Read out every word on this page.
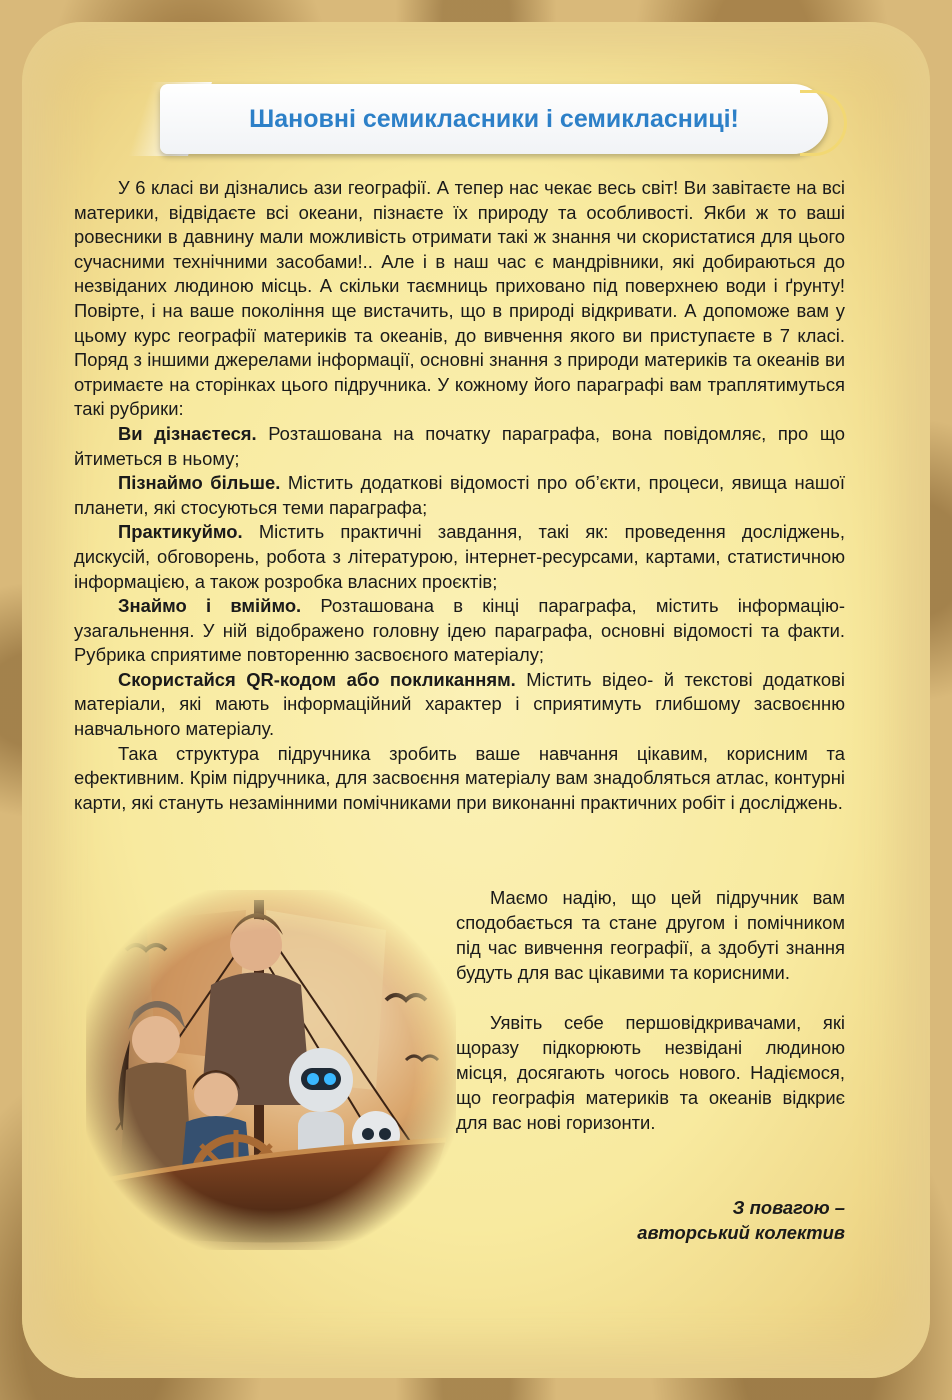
Шановні семикласники і семикласниці!

У 6 класі ви дізнались ази географії. А тепер нас чекає весь світ! Ви завітаєте на всі материки, відвідаєте всі океани, пізнаєте їх природу та особливості. Якби ж то ваші ровесники в давнину мали можливість отримати такі ж знання чи скористатися для цього сучасними технічними засобами!.. Але і в наш час є мандрівники, які добираються до незвіданих людиною місць. А скільки таємниць приховано під поверхнею води і ґрунту! Повірте, і на ваше покоління ще вистачить, що в природі відкривати. А допоможе вам у цьому курс географії материків та океанів, до вивчення якого ви приступаєте в 7 класі. Поряд з іншими джерелами інформації, основні знання з природи материків та океанів ви отримаєте на сторінках цього підручника. У кожному його параграфі вам траплятимуться такі рубрики:

Ви дізнаєтеся. Розташована на початку параграфа, вона повідомляє, про що йтиметься в ньому;

Пізнаймо більше. Містить додаткові відомості про об’єкти, процеси, явища нашої планети, які стосуються теми параграфа;

Практикуймо. Містить практичні завдання, такі як: проведення досліджень, дискусій, обговорень, робота з літературою, інтернет-ресурсами, картами, статистичною інформацією, а також розробка власних проєктів;

Знаймо і вміймо. Розташована в кінці параграфа, містить інформацію-узагальнення. У ній відображено головну ідею параграфа, основні відомості та факти. Рубрика сприятиме повторенню засвоєного матеріалу;

Скористайся QR-кодом або покликанням. Містить відео- й текстові додаткові матеріали, які мають інформаційний характер і сприятимуть глибшому засвоєнню навчального матеріалу.

Така структура підручника зробить ваше навчання цікавим, корисним та ефективним. Крім підручника, для засвоєння матеріалу вам знадобляться атлас, контурні карти, які стануть незамінними помічниками при виконанні практичних робіт і досліджень.

Маємо надію, що цей підручник вам сподобається та стане другом і помічником під час вивчення географії, а здобуті знання будуть для вас цікавими та корисними.

Уявіть себе першовідкривачами, які щоразу підкорюють незвідані людиною місця, досягають чогось нового. Надіємося, що географія материків та океанів відкриє для вас нові горизонти.

З повагою –
авторський колектив
